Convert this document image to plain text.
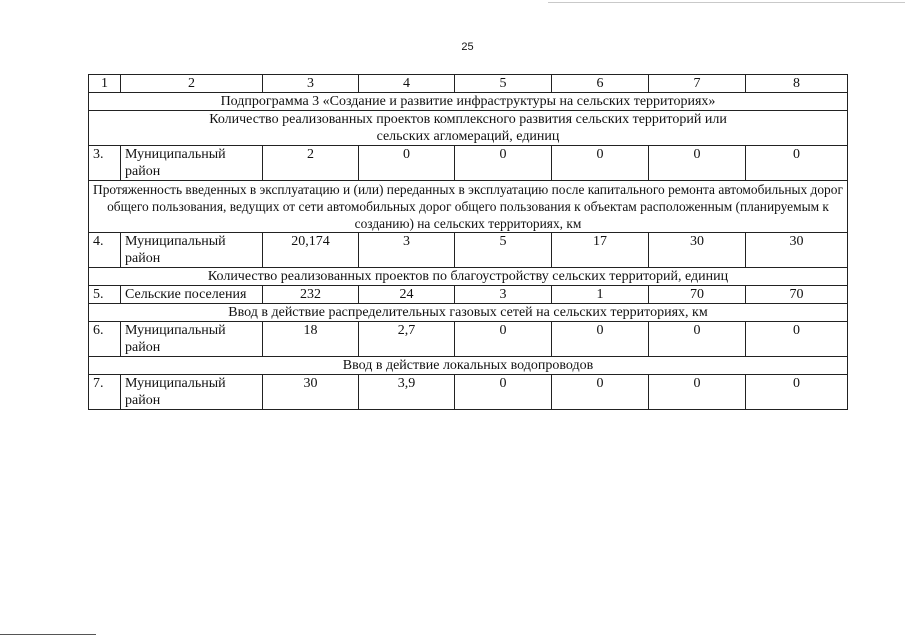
25
1	2	3	4	5	6	7	8
Подпрограмма 3 «Создание и развитие инфраструктуры на сельских территориях»							
Количество реализованных проектов комплексного развития сельских территорий или сельских агломераций, единиц							
3.	Муниципальный район	2	0	0	0	0	0
Протяженность введенных в эксплуатацию и (или) переданных в эксплуатацию после капитального ремонта автомобильных дорог общего пользования, ведущих от сети автомобильных дорог общего пользования к объектам расположенным (планируемым к созданию) на сельских территориях, км							
4.	Муниципальный район	20,174	3	5	17	30	30
Количество реализованных проектов по благоустройству сельских территорий, единиц							
5.	Сельские поселения	232	24	3	1	70	70
Ввод в действие распределительных газовых сетей на сельских территориях, км							
6.	Муниципальный район	18	2,7	0	0	0	0
Ввод в действие локальных водопроводов							
7.	Муниципальный район	30	3,9	0	0	0	0
